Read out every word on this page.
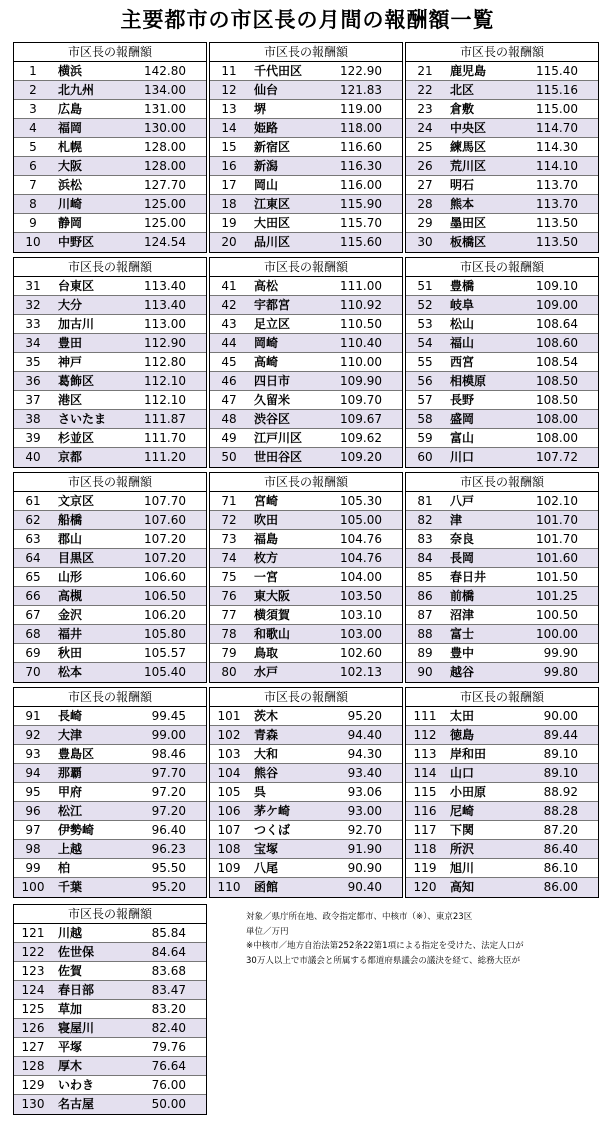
主要都市の市区長の月間の報酬額一覧
市区長の報酬額
1	横浜	142.80
2	北九州	134.00
3	広島	131.00
4	福岡	130.00
5	札幌	128.00
6	大阪	128.00
7	浜松	127.70
8	川崎	125.00
9	静岡	125.00
10	中野区	124.54
市区長の報酬額
11	千代田区	122.90
12	仙台	121.83
13	堺	119.00
14	姫路	118.00
15	新宿区	116.60
16	新潟	116.30
17	岡山	116.00
18	江東区	115.90
19	大田区	115.70
20	品川区	115.60
市区長の報酬額
21	鹿児島	115.40
22	北区	115.16
23	倉敷	115.00
24	中央区	114.70
25	練馬区	114.30
26	荒川区	114.10
27	明石	113.70
28	熊本	113.70
29	墨田区	113.50
30	板橋区	113.50
市区長の報酬額
31	台東区	113.40
32	大分	113.40
33	加古川	113.00
34	豊田	112.90
35	神戸	112.80
36	葛飾区	112.10
37	港区	112.10
38	さいたま	111.87
39	杉並区	111.70
40	京都	111.20
市区長の報酬額
41	高松	111.00
42	宇都宮	110.92
43	足立区	110.50
44	岡崎	110.40
45	高崎	110.00
46	四日市	109.90
47	久留米	109.70
48	渋谷区	109.67
49	江戸川区	109.62
50	世田谷区	109.20
市区長の報酬額
51	豊橋	109.10
52	岐阜	109.00
53	松山	108.64
54	福山	108.60
55	西宮	108.54
56	相模原	108.50
57	長野	108.50
58	盛岡	108.00
59	富山	108.00
60	川口	107.72
市区長の報酬額
61	文京区	107.70
62	船橋	107.60
63	郡山	107.20
64	目黒区	107.20
65	山形	106.60
66	高槻	106.50
67	金沢	106.20
68	福井	105.80
69	秋田	105.57
70	松本	105.40
市区長の報酬額
71	宮崎	105.30
72	吹田	105.00
73	福島	104.76
74	枚方	104.76
75	一宮	104.00
76	東大阪	103.50
77	横須賀	103.10
78	和歌山	103.00
79	鳥取	102.60
80	水戸	102.13
市区長の報酬額
81	八戸	102.10
82	津	101.70
83	奈良	101.70
84	長岡	101.60
85	春日井	101.50
86	前橋	101.25
87	沼津	100.50
88	富士	100.00
89	豊中	99.90
90	越谷	99.80
市区長の報酬額
91	長崎	99.45
92	大津	99.00
93	豊島区	98.46
94	那覇	97.70
95	甲府	97.20
96	松江	97.20
97	伊勢崎	96.40
98	上越	96.23
99	柏	95.50
100	千葉	95.20
市区長の報酬額
101	茨木	95.20
102	青森	94.40
103	大和	94.30
104	熊谷	93.40
105	呉	93.06
106	茅ケ崎	93.00
107	つくば	92.70
108	宝塚	91.90
109	八尾	90.90
110	函館	90.40
市区長の報酬額
111	太田	90.00
112	徳島	89.44
113	岸和田	89.10
114	山口	89.10
115	小田原	88.92
116	尼崎	88.28
117	下関	87.20
118	所沢	86.40
119	旭川	86.10
120	高知	86.00
市区長の報酬額
121	川越	85.84
122	佐世保	84.64
123	佐賀	83.68
124	春日部	83.47
125	草加	83.20
126	寝屋川	82.40
127	平塚	79.76
128	厚木	76.64
129	いわき	76.00
130	名古屋	50.00
対象／県庁所在地、政令指定都市、中核市（※）、東京23区
単位／万円
※中核市／地方自治法第252条22第1項による指定を受けた、法定人口が
30万人以上で市議会と所属する都道府県議会の議決を経て、総務大臣が
